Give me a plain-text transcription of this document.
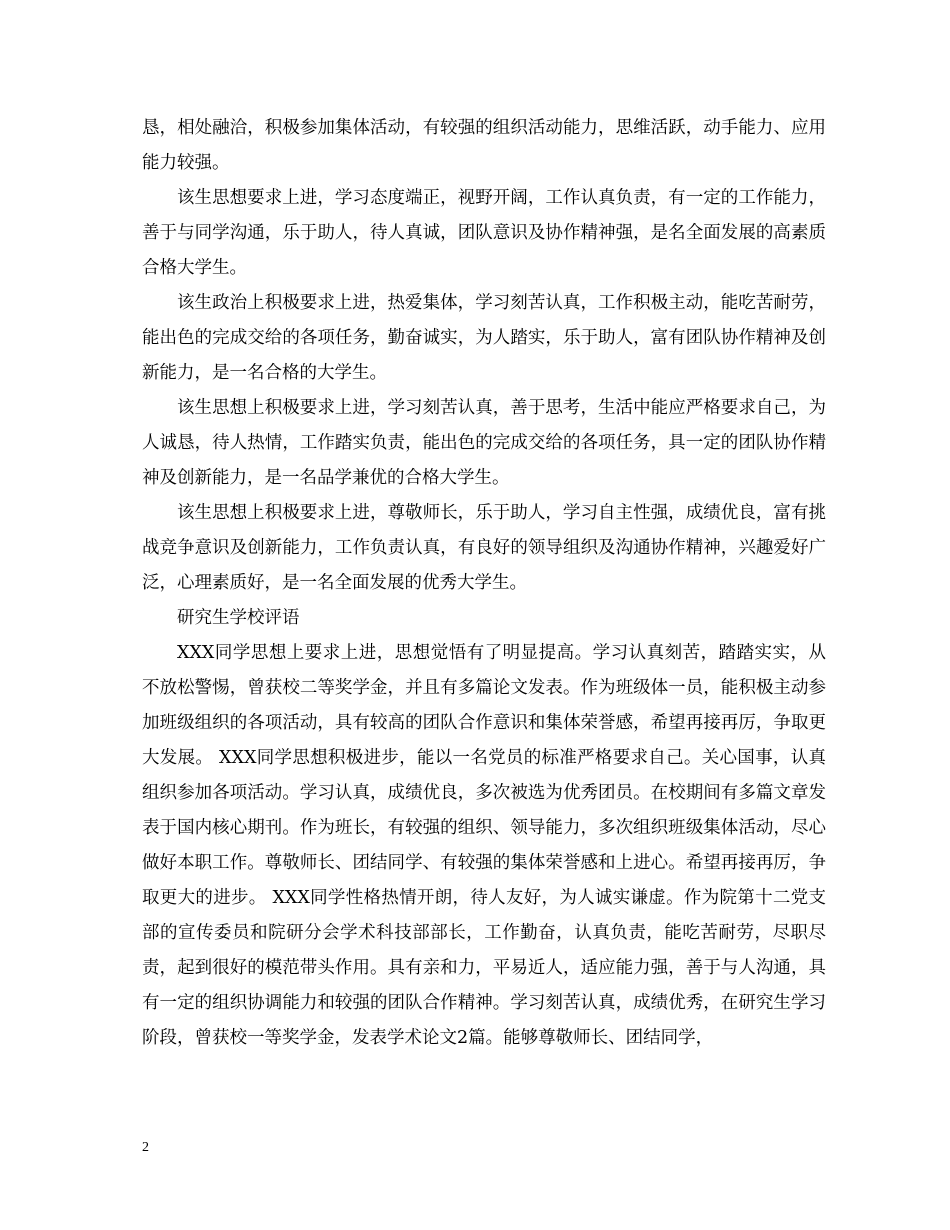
恳，相处融洽，积极参加集体活动，有较强的组织活动能力，思维活跃，动手能力、应用能力较强。

该生思想要求上进，学习态度端正，视野开阔，工作认真负责，有一定的工作能力，善于与同学沟通，乐于助人，待人真诚，团队意识及协作精神强，是名全面发展的高素质合格大学生。

该生政治上积极要求上进，热爱集体，学习刻苦认真，工作积极主动，能吃苦耐劳，能出色的完成交给的各项任务，勤奋诚实，为人踏实，乐于助人，富有团队协作精神及创新能力，是一名合格的大学生。

该生思想上积极要求上进，学习刻苦认真，善于思考，生活中能应严格要求自己，为人诚恳，待人热情，工作踏实负责，能出色的完成交给的各项任务，具一定的团队协作精神及创新能力，是一名品学兼优的合格大学生。

该生思想上积极要求上进，尊敬师长，乐于助人，学习自主性强，成绩优良，富有挑战竞争意识及创新能力，工作负责认真，有良好的领导组织及沟通协作精神，兴趣爱好广泛，心理素质好，是一名全面发展的优秀大学生。

研究生学校评语

XXX同学思想上要求上进，思想觉悟有了明显提高。学习认真刻苦，踏踏实实，从不放松警惕，曾获校二等奖学金，并且有多篇论文发表。作为班级体一员，能积极主动参加班级组织的各项活动，具有较高的团队合作意识和集体荣誉感，希望再接再厉，争取更大发展。 XXX同学思想积极进步，能以一名党员的标准严格要求自己。关心国事，认真组织参加各项活动。学习认真，成绩优良，多次被选为优秀团员。在校期间有多篇文章发表于国内核心期刊。作为班长，有较强的组织、领导能力，多次组织班级集体活动，尽心做好本职工作。尊敬师长、团结同学、有较强的集体荣誉感和上进心。希望再接再厉，争取更大的进步。 XXX同学性格热情开朗，待人友好，为人诚实谦虚。作为院第十二党支部的宣传委员和院研分会学术科技部部长，工作勤奋，认真负责，能吃苦耐劳，尽职尽责，起到很好的模范带头作用。具有亲和力，平易近人，适应能力强，善于与人沟通，具有一定的组织协调能力和较强的团队合作精神。学习刻苦认真，成绩优秀，在研究生学习阶段，曾获校一等奖学金，发表学术论文2篇。能够尊敬师长、团结同学，

2
